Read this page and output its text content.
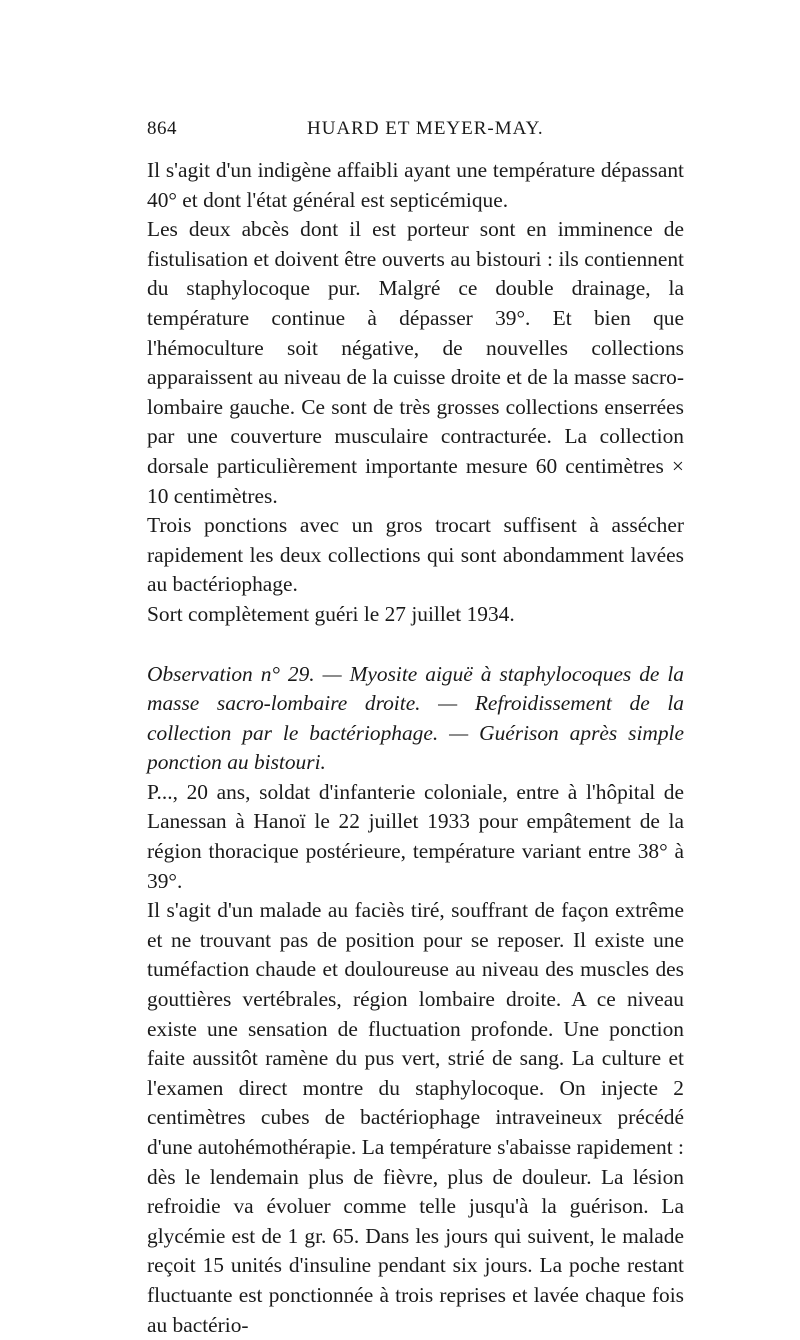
864	HUARD ET MEYER-MAY.

Il s'agit d'un indigène affaibli ayant une température dépassant 40° et dont l'état général est septicémique.

Les deux abcès dont il est porteur sont en imminence de fistulisation et doivent être ouverts au bistouri : ils contiennent du staphylocoque pur. Malgré ce double drainage, la température continue à dépasser 39°. Et bien que l'hémoculture soit négative, de nouvelles collections apparaissent au niveau de la cuisse droite et de la masse sacro-lombaire gauche. Ce sont de très grosses collections enserrées par une couverture musculaire contracturée. La collection dorsale particulièrement importante mesure 60 centimètres × 10 centimètres.

Trois ponctions avec un gros trocart suffisent à assécher rapidement les deux collections qui sont abondamment lavées au bactériophage.

Sort complètement guéri le 27 juillet 1934.

Observation n° 29. — Myosite aiguë à staphylocoques de la masse sacro-lombaire droite. — Refroidissement de la collection par le bactériophage. — Guérison après simple ponction au bistouri.

P..., 20 ans, soldat d'infanterie coloniale, entre à l'hôpital de Lanessan à Hanoï le 22 juillet 1933 pour empâtement de la région thoracique postérieure, température variant entre 38° à 39°.

Il s'agit d'un malade au faciès tiré, souffrant de façon extrême et ne trouvant pas de position pour se reposer. Il existe une tuméfaction chaude et douloureuse au niveau des muscles des gouttières vertébrales, région lombaire droite. A ce niveau existe une sensation de fluctuation profonde. Une ponction faite aussitôt ramène du pus vert, strié de sang. La culture et l'examen direct montre du staphylocoque. On injecte 2 centimètres cubes de bactériophage intraveineux précédé d'une autohémothérapie. La température s'abaisse rapidement : dès le lendemain plus de fièvre, plus de douleur. La lésion refroidie va évoluer comme telle jusqu'à la guérison. La glycémie est de 1 gr. 65. Dans les jours qui suivent, le malade reçoit 15 unités d'insuline pendant six jours. La poche restant fluctuante est ponctionnée à trois reprises et lavée chaque fois au bactério-
